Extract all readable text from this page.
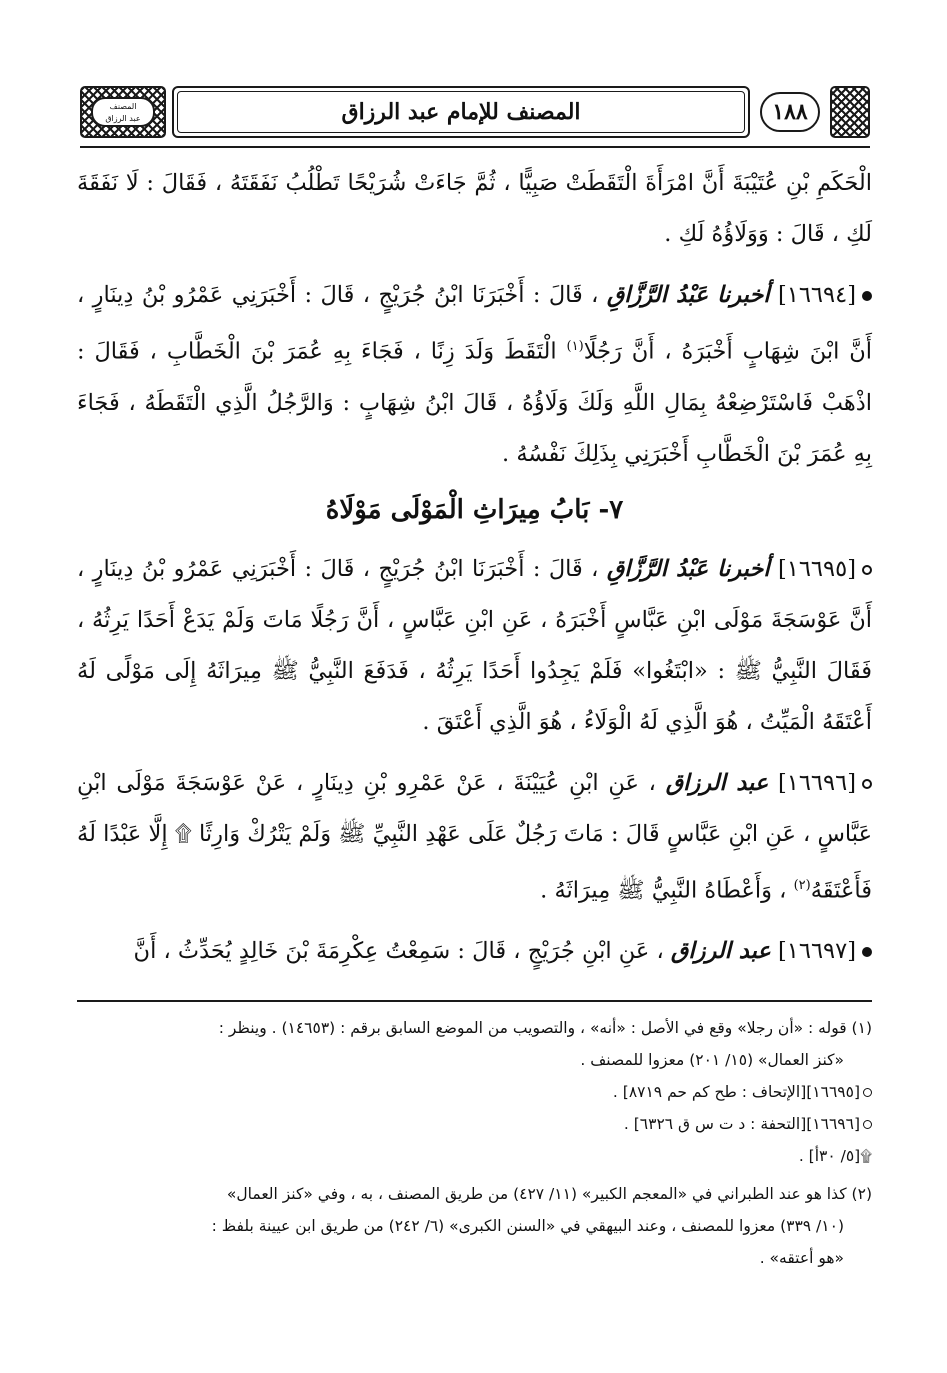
المصنف
عبد الرزاق	المصنف للإمام عبد الرزاق	١٨٨

الْحَكَمِ بْنِ عُتَيْبَةَ أَنَّ امْرَأَةَ الْتَقَطَتْ صَبِيًّا ، ثُمَّ جَاءَتْ شُرَيْحًا تَطْلُبُ نَفَقَتَهُ ، فَقَالَ : لَا نَفَقَةَ لَكِ ، قَالَ : وَوَلَاؤُهُ لَكِ .

[١٦٦٩٤] أخبرنا عَبْدُ الرَّزَّاقِ ، قَالَ : أَخْبَرَنَا ابْنُ جُرَيْجٍ ، قَالَ : أَخْبَرَنِي عَمْرُو بْنُ دِينَارٍ ، أَنَّ ابْنَ شِهَابٍ أَخْبَرَهُ ، أَنَّ رَجُلًا$^{(١)}$ الْتَقَطَ وَلَدَ زِنًا ، فَجَاءَ بِهِ عُمَرَ بْنَ الْخَطَّابِ ، فَقَالَ : اذْهَبْ فَاسْتَرْضِعْهُ بِمَالِ اللَّهِ وَلَكَ وَلَاؤُهُ ، قَالَ ابْنُ شِهَابٍ : وَالرَّجُلُ الَّذِي الْتَقَطَهُ ، فَجَاءَ بِهِ عُمَرَ بْنَ الْخَطَّابِ أَخْبَرَنِي بِذَلِكَ نَفْسُهُ .

٧- بَابُ مِيرَاثِ الْمَوْلَى مَوْلَاهُ

[١٦٦٩٥] أخبرنا عَبْدُ الرَّزَّاقِ ، قَالَ : أَخْبَرَنَا ابْنُ جُرَيْجٍ ، قَالَ : أَخْبَرَنِي عَمْرُو بْنُ دِينَارٍ ، أَنَّ عَوْسَجَةَ مَوْلَى ابْنِ عَبَّاسٍ أَخْبَرَهُ ، عَنِ ابْنِ عَبَّاسٍ ، أَنَّ رَجُلًا مَاتَ وَلَمْ يَدَعْ أَحَدًا يَرِثُهُ ، فَقَالَ النَّبِيُّ ﷺ : «ابْتَغُوا» فَلَمْ يَجِدُوا أَحَدًا يَرِثُهُ ، فَدَفَعَ النَّبِيُّ ﷺ مِيرَاثَهُ إِلَى مَوْلًى لَهُ أَعْتَقَهُ الْمَيِّتُ ، هُوَ الَّذِي لَهُ الْوَلَاءُ ، هُوَ الَّذِي أَعْتَقَ .

[١٦٦٩٦] عبد الرزاق ، عَنِ ابْنِ عُيَيْنَةَ ، عَنْ عَمْرِو بْنِ دِينَارٍ ، عَنْ عَوْسَجَةَ مَوْلَى ابْنِ عَبَّاسٍ ، عَنِ ابْنِ عَبَّاسٍ قَالَ : مَاتَ رَجُلٌ عَلَى عَهْدِ النَّبِيِّ ﷺ وَلَمْ يَتْرُكْ وَارِثًا ۩ إِلَّا عَبْدًا لَهُ فَأَعْتَقَهُ$^{(٢)}$ ، وَأَعْطَاهُ النَّبِيُّ ﷺ مِيرَاثَهُ .

[١٦٦٩٧] عبد الرزاق ، عَنِ ابْنِ جُرَيْجٍ ، قَالَ : سَمِعْتُ عِكْرِمَةَ بْنَ خَالِدٍ يُحَدِّثُ ، أَنَّ

(١) قوله : «أن رجلا» وقع في الأصل : «أنه» ، والتصويب من الموضع السابق برقم : (١٤٦٥٣) . وينظر :
«كنز العمال» (١٥/ ٢٠١) معزوا للمصنف .

[١٦٦٩٥][الإتحاف : طح كم حم ٨٧١٩] .

[١٦٦٩٦][التحفة : د ت س ق ٦٣٢٦] .

۩[٥/ ٣٠أ] .

(٢) كذا هو عند الطبراني في «المعجم الكبير» (١١/ ٤٢٧) من طريق المصنف ، به ، وفي «كنز العمال»
(١٠/ ٣٣٩) معزوا للمصنف ، وعند البيهقي في «السنن الكبرى» (٦/ ٢٤٢) من طريق ابن عيينة بلفظ :
«هو أعتقه» .
